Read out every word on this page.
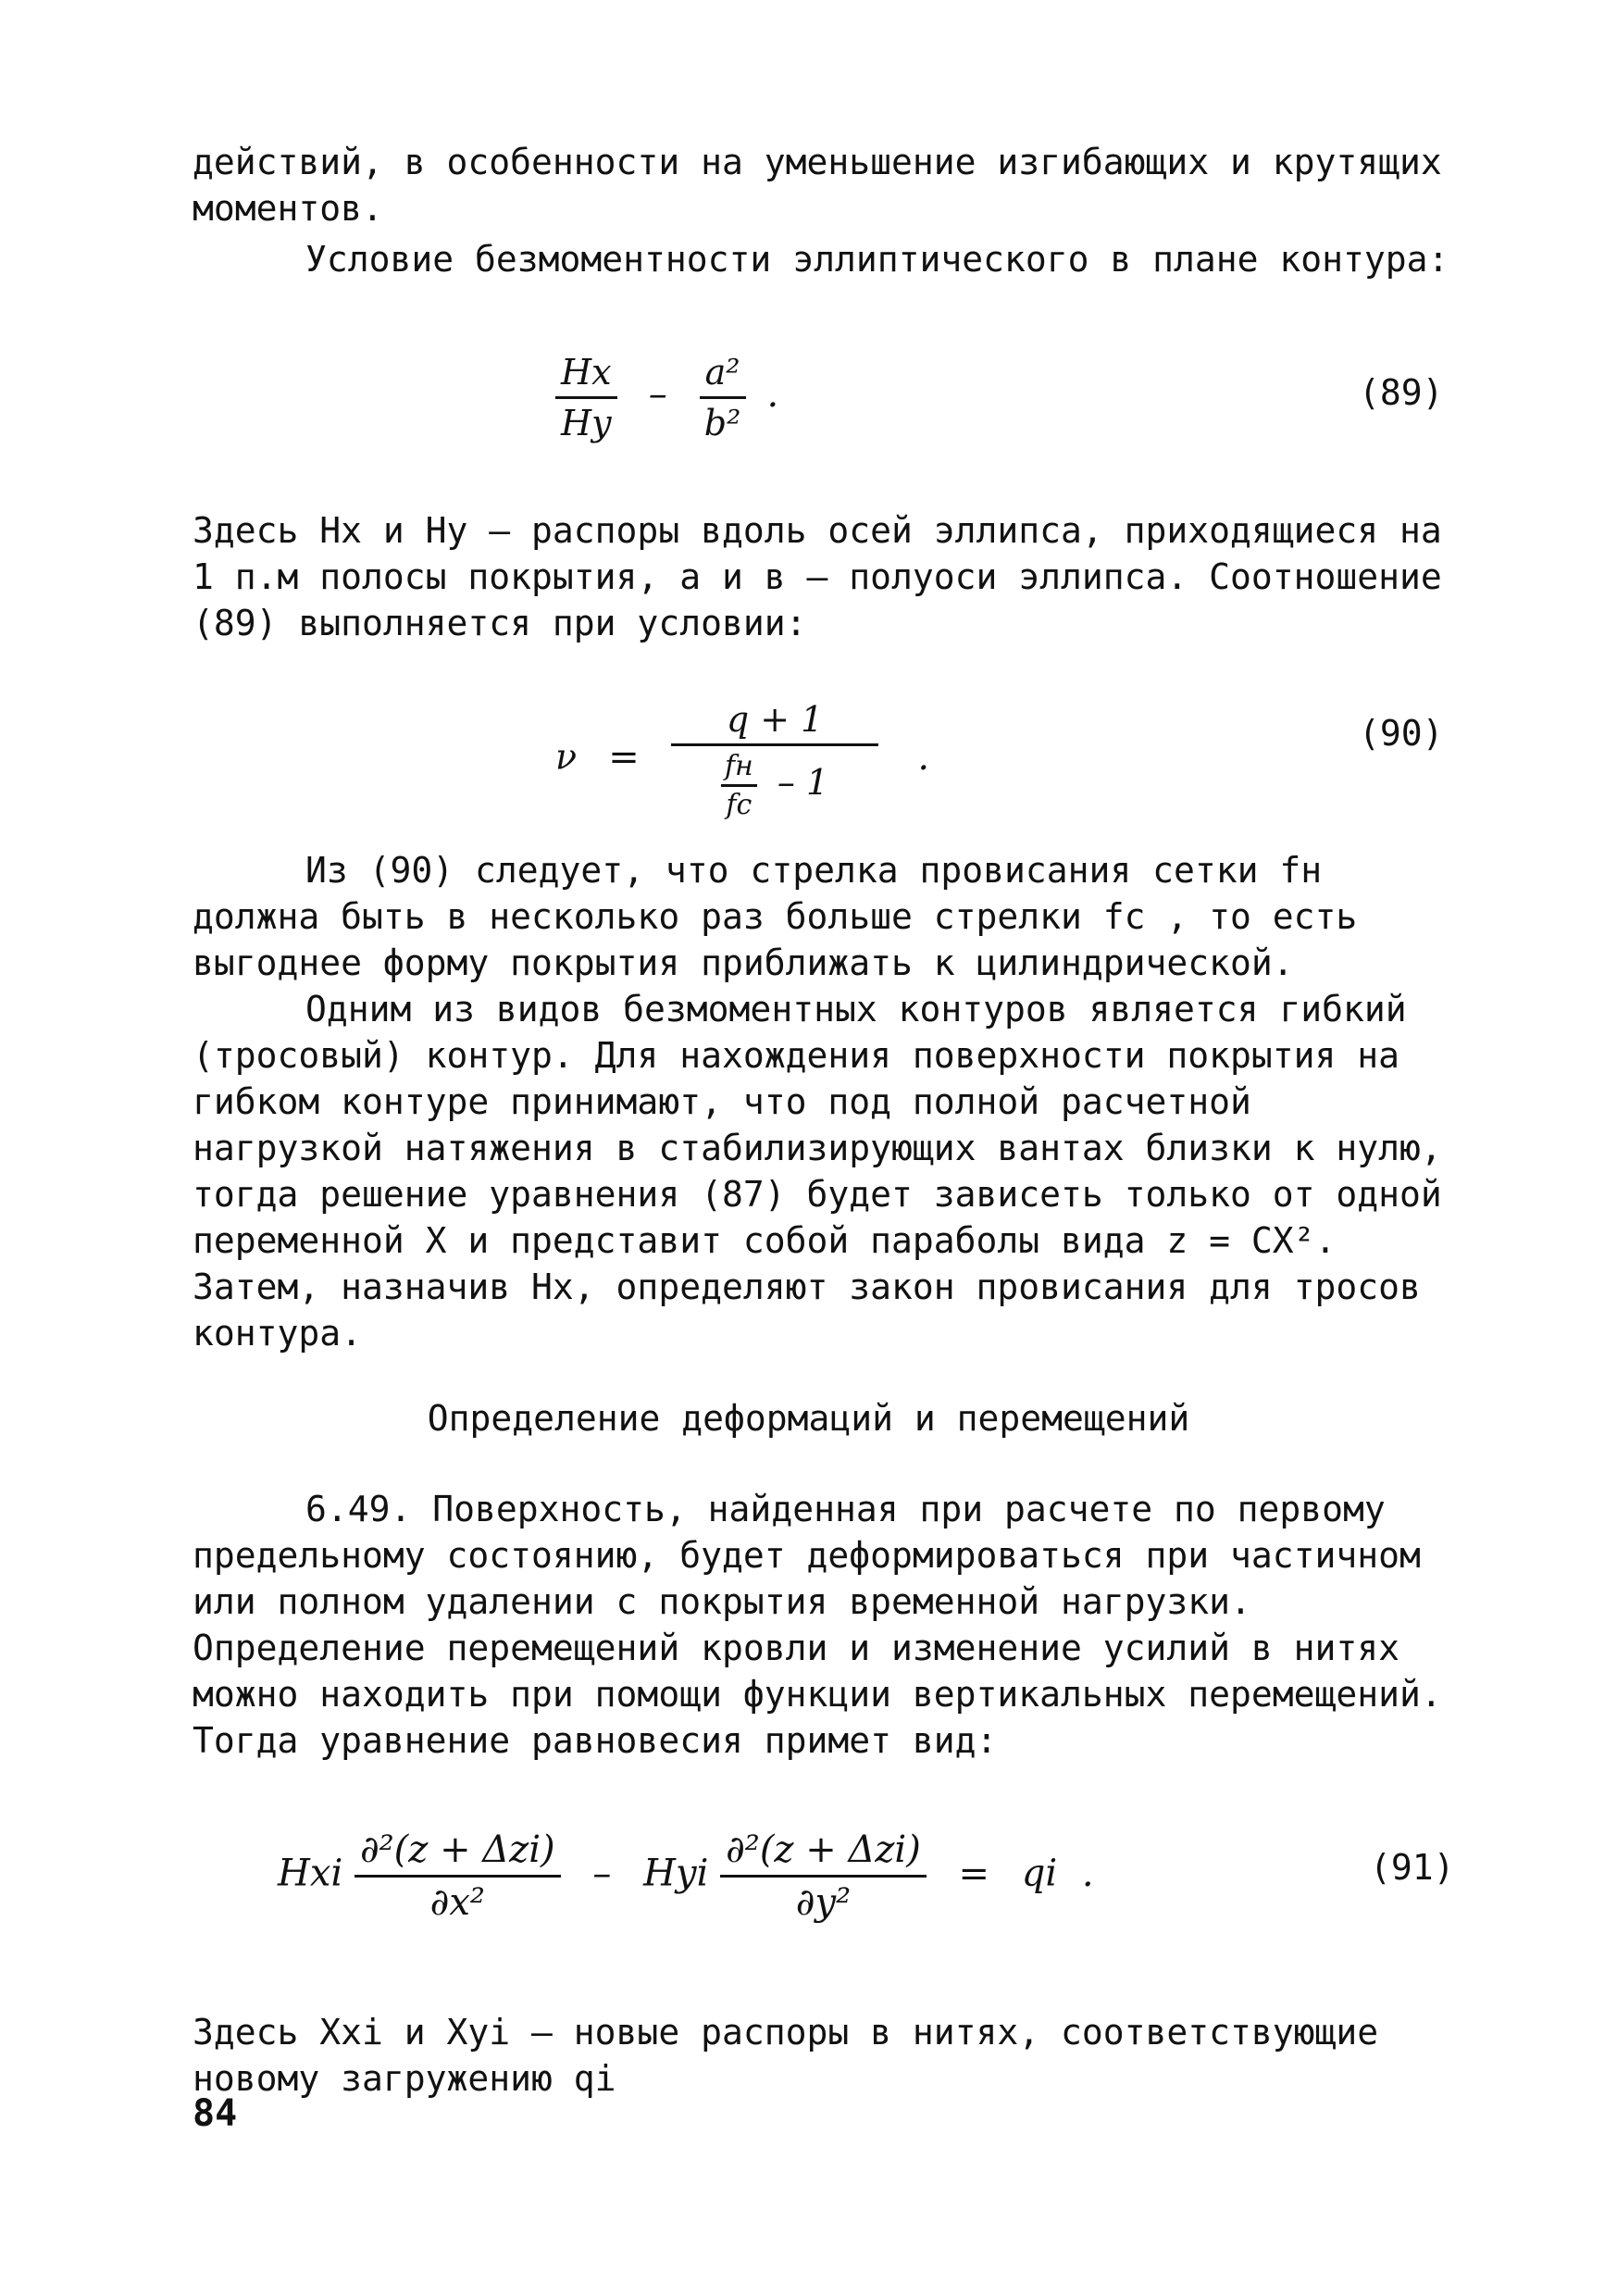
действий, в особенности на уменьшение изгибающих и крутящих моментов.

Условие безмоментности эллиптического в плане контура:

$\frac{Hx}{Hy} - \frac{\text{a²}}{\text{b²}}$ .	(89)

Здесь Hx и Hy – распоры вдоль осей эллипса, приходящиеся на 1 п.м полосы покрытия, а и в – полуоси эллипса. Соотношение (89) выполняется при условии:

$\nu = \frac{q + 1}{\frac{fн}{fc} - 1}$ .
(90)

Из (90) следует, что стрелка провисания сетки fн должна быть в несколько раз больше стрелки fc , то есть выгоднее форму покрытия приближать к цилиндрической.

Одним из видов безмоментных контуров является гибкий (тросовый) контур. Для нахождения поверхности покрытия на гибком контуре принимают, что под полной расчетной нагрузкой натяжения в стабилизирующих вантах близки к нулю, тогда решение уравнения (87) будет зависеть только от одной переменной X и представит собой параболы вида z = CX². Затем, назначив Hx, определяют закон провисания для тросов контура.

Определение деформаций и перемещений

6.49. Поверхность, найденная при расчете по первому предельному состоянию, будет деформироваться при частичном или полном удалении с покрытия временной нагрузки. Определение перемещений кровли и изменение усилий в нитях можно находить при помощи функции вертикальных перемещений. Тогда уравнение равновесия примет вид:

Hxi $\frac{\text{∂²(z + Δzi)}}{\text{∂x²}}$ – Hyi $\frac{\text{∂²(z + Δzi)}}{\text{∂y²}}$ = qi .	(91)

Здесь Xxi и Xyi – новые распоры в нитях, соответствующие новому загружению qi

84
